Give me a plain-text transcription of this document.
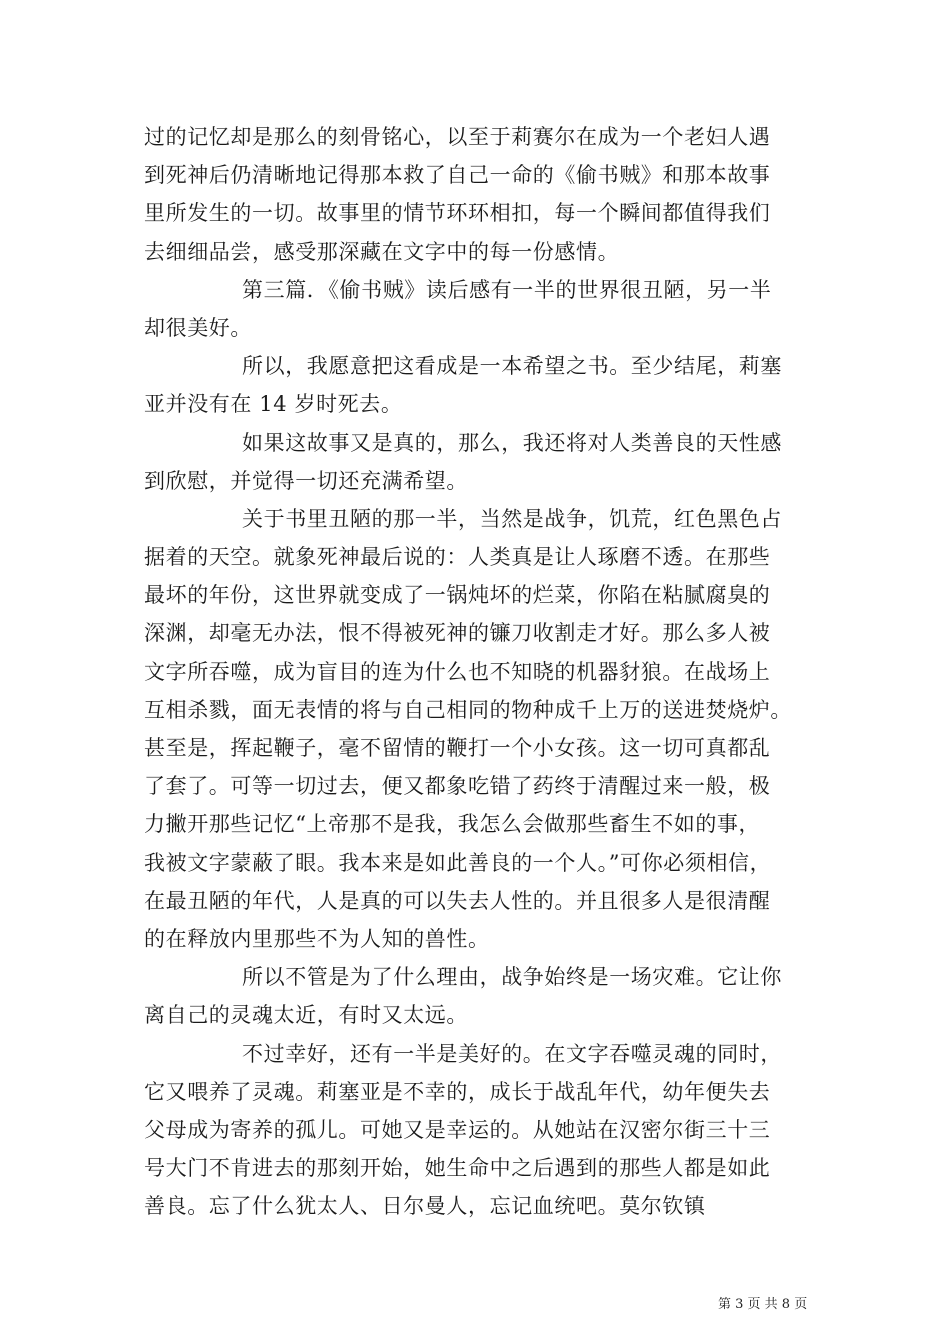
过的记忆却是那么的刻骨铭心，以至于莉赛尔在成为一个老妇人遇
到死神后仍清晰地记得那本救了自己一命的《偷书贼》和那本故事
里所发生的一切。故事里的情节环环相扣，每一个瞬间都值得我们
去细细品尝，感受那深藏在文字中的每一份感情。
第三篇．《偷书贼》读后感有一半的世界很丑陋，另一半
却很美好。
所以，我愿意把这看成是一本希望之书。至少结尾，莉塞
亚并没有在 14 岁时死去。
如果这故事又是真的，那么，我还将对人类善良的天性感
到欣慰，并觉得一切还充满希望。
关于书里丑陋的那一半，当然是战争，饥荒，红色黑色占
据着的天空。就象死神最后说的：人类真是让人琢磨不透。在那些
最坏的年份，这世界就变成了一锅炖坏的烂菜，你陷在粘腻腐臭的
深渊，却毫无办法，恨不得被死神的镰刀收割走才好。那么多人被
文字所吞噬，成为盲目的连为什么也不知晓的机器豺狼。在战场上
互相杀戮，面无表情的将与自己相同的物种成千上万的送进焚烧炉。
甚至是，挥起鞭子，毫不留情的鞭打一个小女孩。这一切可真都乱
了套了。可等一切过去，便又都象吃错了药终于清醒过来一般，极
力撇开那些记忆“上帝那不是我，我怎么会做那些畜生不如的事，
我被文字蒙蔽了眼。我本来是如此善良的一个人。”可你必须相信，
在最丑陋的年代，人是真的可以失去人性的。并且很多人是很清醒
的在释放内里那些不为人知的兽性。
所以不管是为了什么理由，战争始终是一场灾难。它让你
离自己的灵魂太近，有时又太远。
不过幸好，还有一半是美好的。在文字吞噬灵魂的同时，
它又喂养了灵魂。莉塞亚是不幸的，成长于战乱年代，幼年便失去
父母成为寄养的孤儿。可她又是幸运的。从她站在汉密尔街三十三
号大门不肯进去的那刻开始，她生命中之后遇到的那些人都是如此
善良。忘了什么犹太人、日尔曼人，忘记血统吧。莫尔钦镇
第 3 页 共 8 页
